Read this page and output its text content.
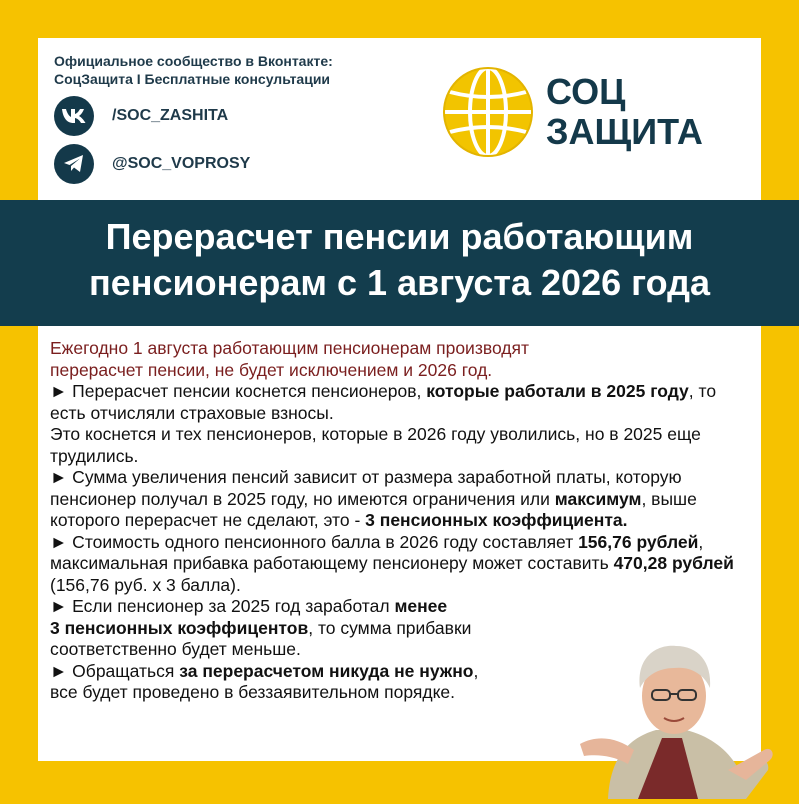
Официальное сообщество в Вконтакте:
СоцЗащита I Бесплатные консультации
/SOC_ZASHITA
@SOC_VOPROSY
СОЦ
ЗАЩИТА
Перерасчет пенсии работающим
пенсионерам с 1 августа 2026 года

Ежегодно 1 августа работающим пенсионерам производят
перерасчет пенсии, не будет исключением и 2026 год.

► Перерасчет пенсии коснется пенсионеров, которые работали в 2025 году, то есть отчисляли страховые взносы.

Это коснется и тех пенсионеров, которые в 2026 году уволились, но в 2025 еще трудились.

► Сумма увеличения пенсий зависит от размера заработной платы, которую пенсионер получал в 2025 году, но имеются ограничения или максимум, выше которого перерасчет не сделают, это - 3 пенсионных коэффициента.

► Стоимость одного пенсионного балла в 2026 году составляет 156,76 рублей, максимальная прибавка работающему пенсионеру может составить 470,28 рублей (156,76 руб. х 3 балла).

► Если пенсионер за 2025 год заработал менее
3 пенсионных коэффицентов, то сумма прибавки
соответственно будет меньше.

► Обращаться за перерасчетом никуда не нужно,
все будет проведено в беззаявительном порядке.
